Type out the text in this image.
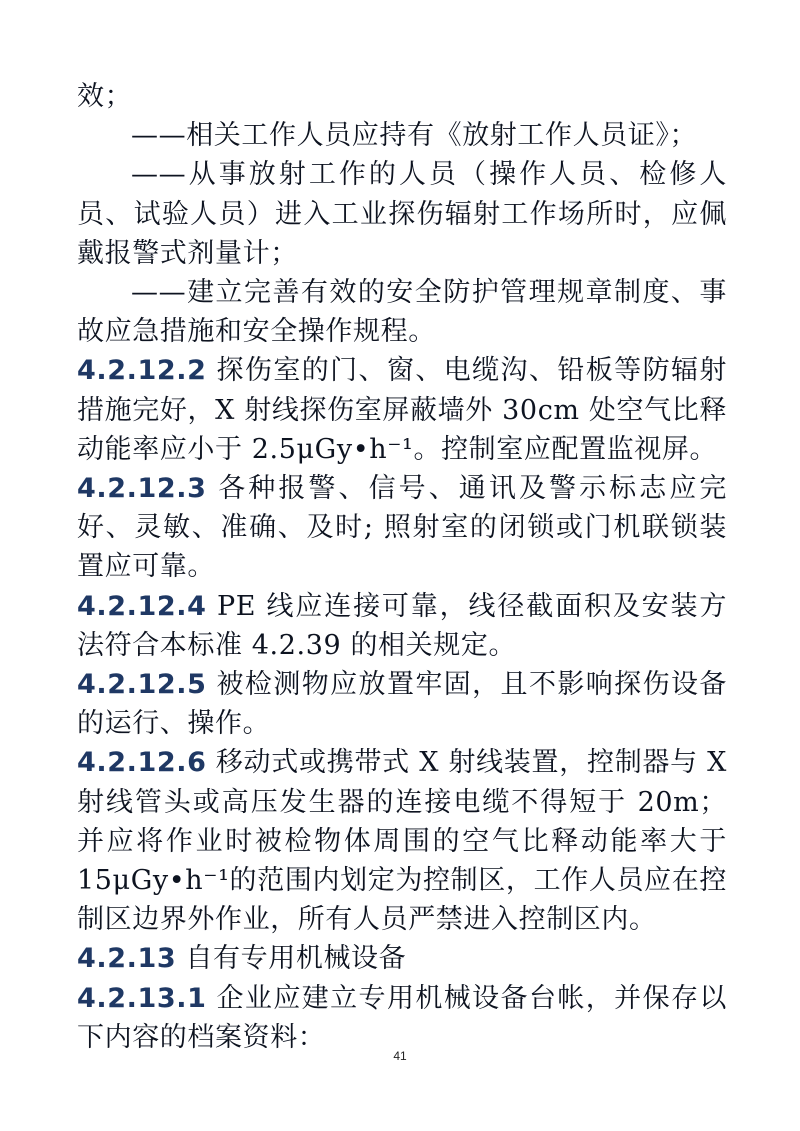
效；

——相关工作人员应持有《放射工作人员证》；

——从事放射工作的人员（操作人员、检修人员、试验人员）进入工业探伤辐射工作场所时，应佩戴报警式剂量计；

——建立完善有效的安全防护管理规章制度、事故应急措施和安全操作规程。

4.2.12.2 探伤室的门、窗、电缆沟、铅板等防辐射措施完好，X 射线探伤室屏蔽墙外 30cm 处空气比释动能率应小于 2.5μGy•h⁻¹。控制室应配置监视屏。

4.2.12.3 各种报警、信号、通讯及警示标志应完好、灵敏、准确、及时; 照射室的闭锁或门机联锁装置应可靠。

4.2.12.4 PE 线应连接可靠，线径截面积及安装方法符合本标准 4.2.39 的相关规定。

4.2.12.5 被检测物应放置牢固，且不影响探伤设备的运行、操作。

4.2.12.6 移动式或携带式 X 射线装置，控制器与 X 射线管头或高压发生器的连接电缆不得短于 20m；并应将作业时被检物体周围的空气比释动能率大于 15μGy•h⁻¹的范围内划定为控制区，工作人员应在控制区边界外作业，所有人员严禁进入控制区内。

4.2.13 自有专用机械设备

4.2.13.1 企业应建立专用机械设备台帐，并保存以下内容的档案资料：

41
